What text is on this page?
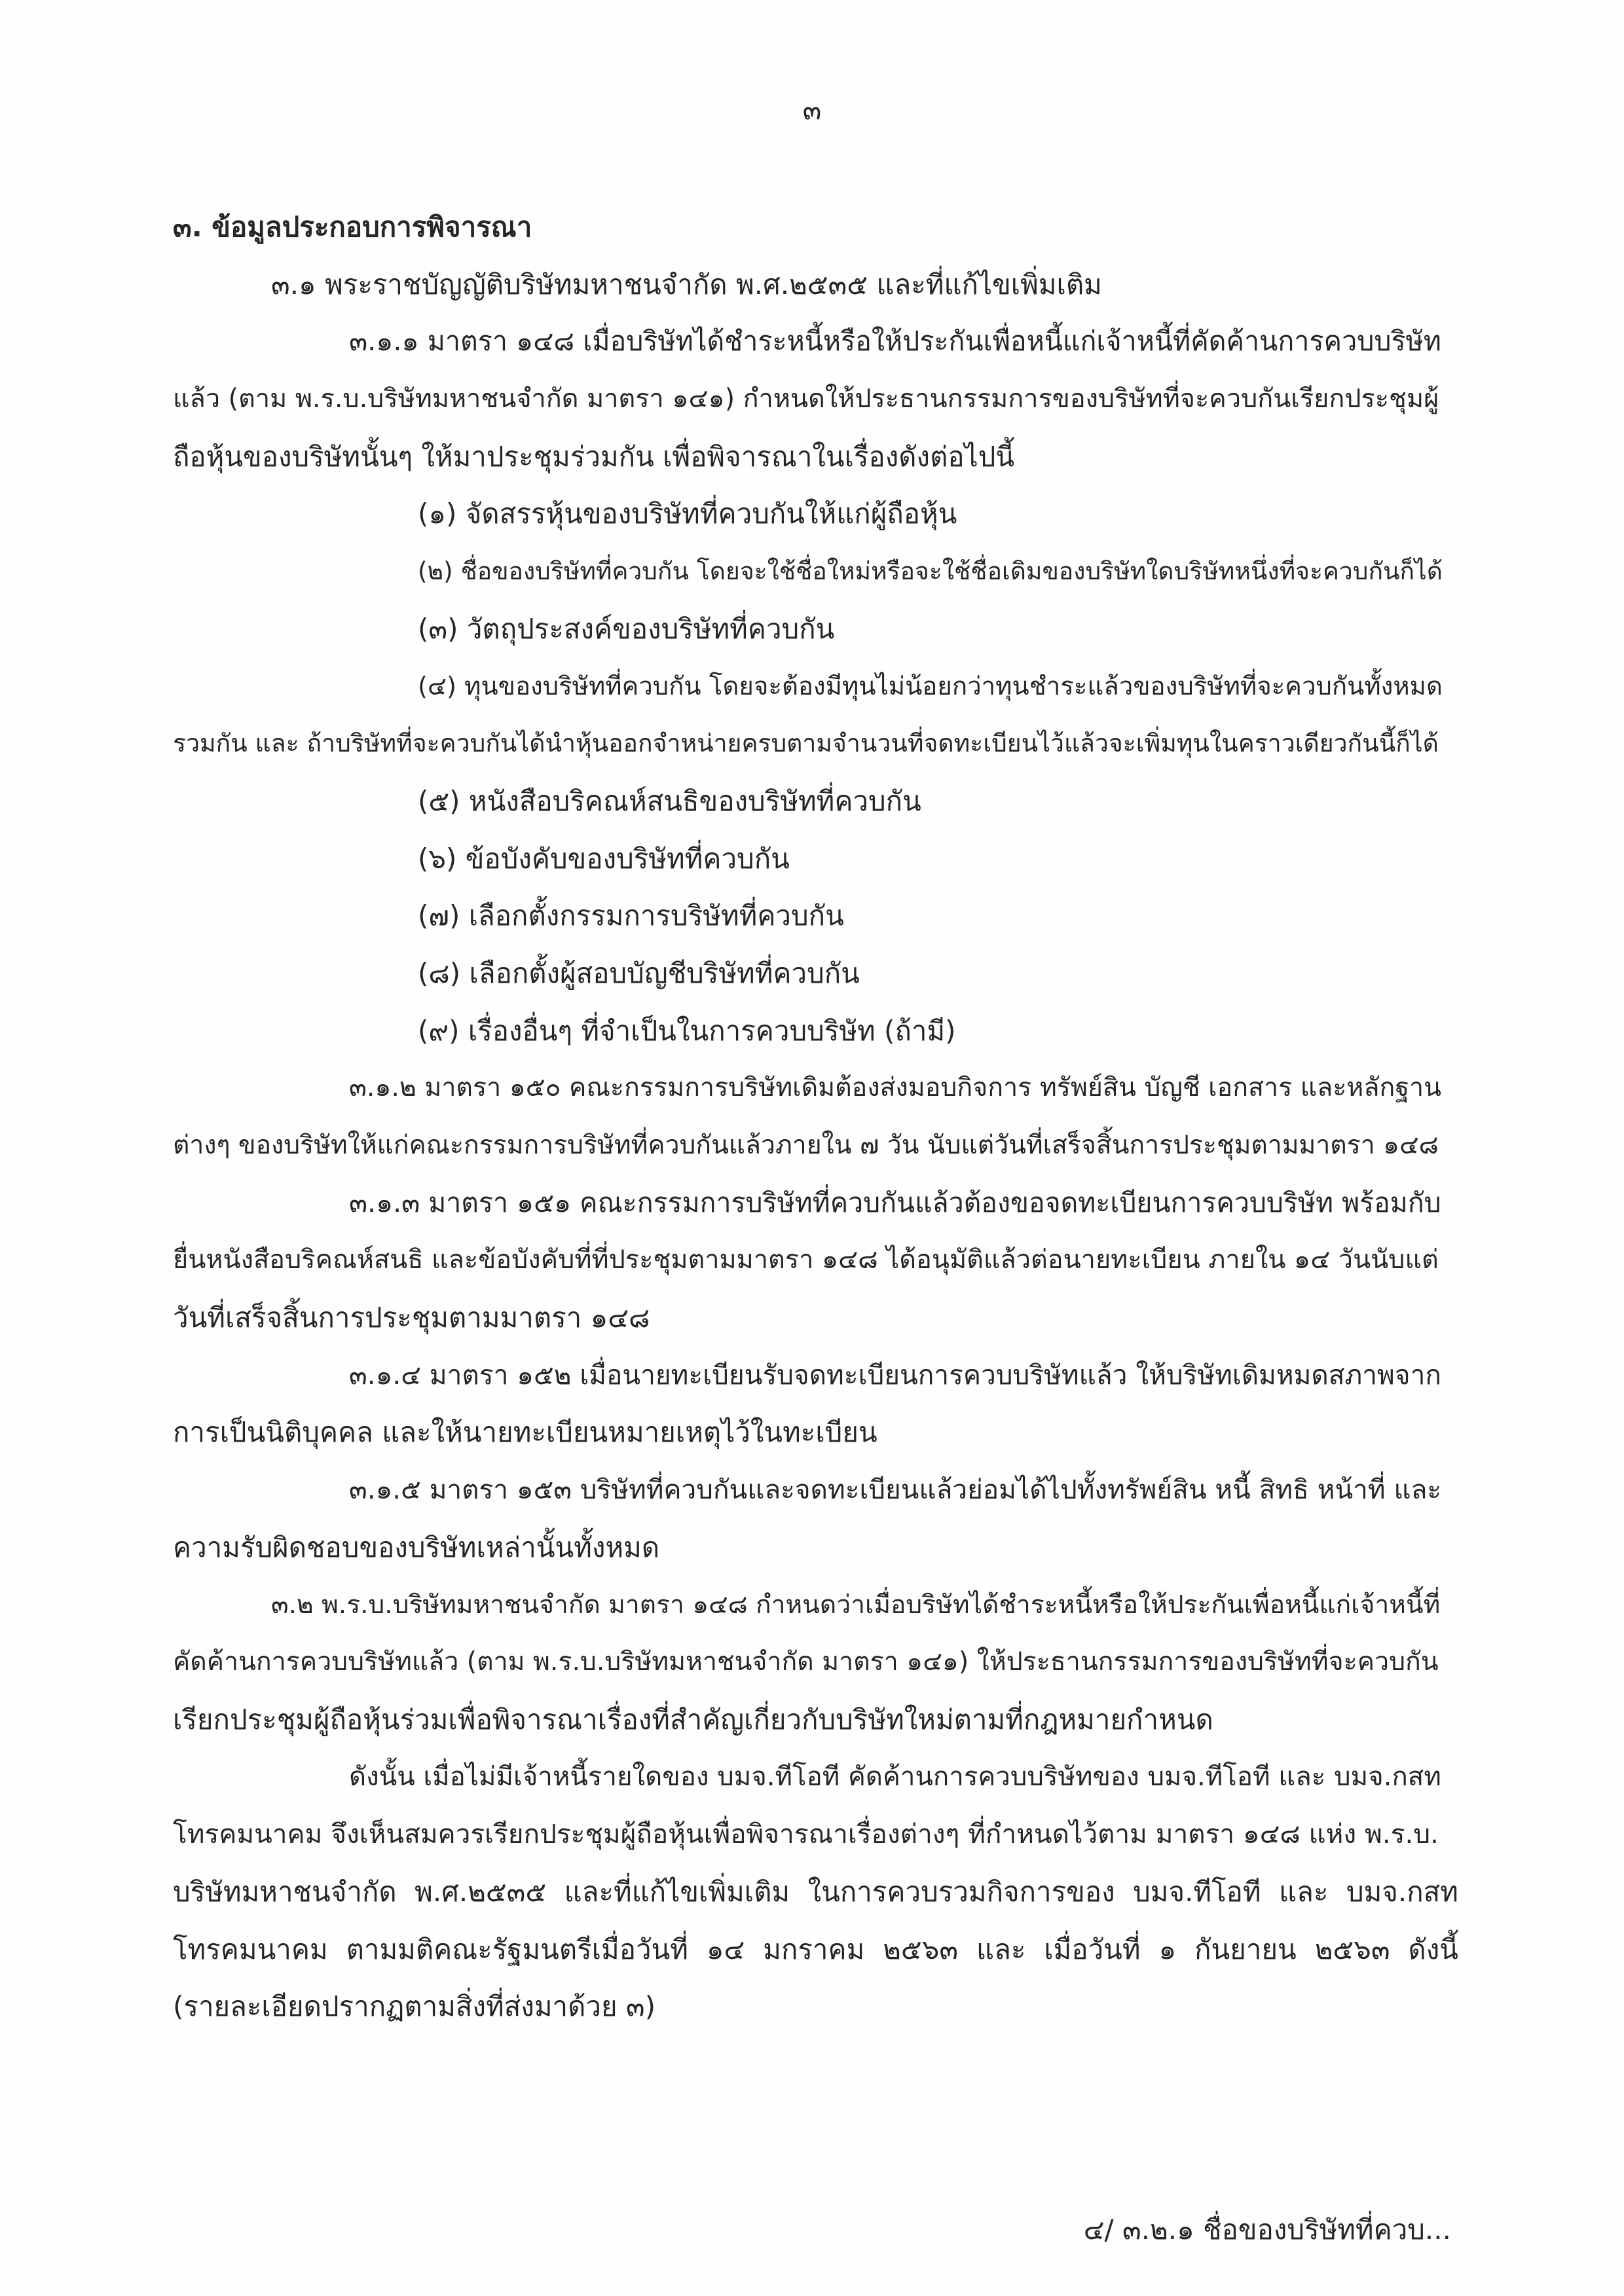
๓
๓. ข้อมูลประกอบการพิจารณา
๓.๑ พระราชบัญญัติบริษัทมหาชนจำกัด พ.ศ.๒๕๓๕ และที่แก้ไขเพิ่มเติม
๓.๑.๑ มาตรา ๑๔๘ เมื่อบริษัทได้ชำระหนี้หรือให้ประกันเพื่อหนี้แก่เจ้าหนี้ที่คัดค้านการควบบริษัท
แล้ว (ตาม พ.ร.บ.บริษัทมหาชนจำกัด มาตรา ๑๔๑) กำหนดให้ประธานกรรมการของบริษัทที่จะควบกันเรียกประชุมผู้
ถือหุ้นของบริษัทนั้นๆ ให้มาประชุมร่วมกัน เพื่อพิจารณาในเรื่องดังต่อไปนี้
(๑) จัดสรรหุ้นของบริษัทที่ควบกันให้แก่ผู้ถือหุ้น
(๒) ชื่อของบริษัทที่ควบกัน โดยจะใช้ชื่อใหม่หรือจะใช้ชื่อเดิมของบริษัทใดบริษัทหนึ่งที่จะควบกันก็ได้
(๓) วัตถุประสงค์ของบริษัทที่ควบกัน
(๔) ทุนของบริษัทที่ควบกัน โดยจะต้องมีทุนไม่น้อยกว่าทุนชำระแล้วของบริษัทที่จะควบกันทั้งหมด
รวมกัน และ ถ้าบริษัทที่จะควบกันได้นำหุ้นออกจำหน่ายครบตามจำนวนที่จดทะเบียนไว้แล้วจะเพิ่มทุนในคราวเดียวกันนี้ก็ได้
(๕) หนังสือบริคณห์สนธิของบริษัทที่ควบกัน
(๖) ข้อบังคับของบริษัทที่ควบกัน
(๗) เลือกตั้งกรรมการบริษัทที่ควบกัน
(๘) เลือกตั้งผู้สอบบัญชีบริษัทที่ควบกัน
(๙) เรื่องอื่นๆ ที่จำเป็นในการควบบริษัท (ถ้ามี)
๓.๑.๒ มาตรา ๑๕๐ คณะกรรมการบริษัทเดิมต้องส่งมอบกิจการ ทรัพย์สิน บัญชี เอกสาร และหลักฐาน
ต่างๆ ของบริษัทให้แก่คณะกรรมการบริษัทที่ควบกันแล้วภายใน ๗ วัน นับแต่วันที่เสร็จสิ้นการประชุมตามมาตรา ๑๔๘
๓.๑.๓ มาตรา ๑๕๑ คณะกรรมการบริษัทที่ควบกันแล้วต้องขอจดทะเบียนการควบบริษัท พร้อมกับ
ยื่นหนังสือบริคณห์สนธิ และข้อบังคับที่ที่ประชุมตามมาตรา ๑๔๘ ได้อนุมัติแล้วต่อนายทะเบียน ภายใน ๑๔ วันนับแต่
วันที่เสร็จสิ้นการประชุมตามมาตรา ๑๔๘
๓.๑.๔ มาตรา ๑๕๒ เมื่อนายทะเบียนรับจดทะเบียนการควบบริษัทแล้ว ให้บริษัทเดิมหมดสภาพจาก
การเป็นนิติบุคคล และให้นายทะเบียนหมายเหตุไว้ในทะเบียน
๓.๑.๕ มาตรา ๑๕๓ บริษัทที่ควบกันและจดทะเบียนแล้วย่อมได้ไปทั้งทรัพย์สิน หนี้ สิทธิ หน้าที่ และ
ความรับผิดชอบของบริษัทเหล่านั้นทั้งหมด
๓.๒ พ.ร.บ.บริษัทมหาชนจำกัด มาตรา ๑๔๘ กำหนดว่าเมื่อบริษัทได้ชำระหนี้หรือให้ประกันเพื่อหนี้แก่เจ้าหนี้ที่
คัดค้านการควบบริษัทแล้ว (ตาม พ.ร.บ.บริษัทมหาชนจำกัด มาตรา ๑๔๑) ให้ประธานกรรมการของบริษัทที่จะควบกัน
เรียกประชุมผู้ถือหุ้นร่วมเพื่อพิจารณาเรื่องที่สำคัญเกี่ยวกับบริษัทใหม่ตามที่กฎหมายกำหนด
ดังนั้น เมื่อไม่มีเจ้าหนี้รายใดของ บมจ.ทีโอที คัดค้านการควบบริษัทของ บมจ.ทีโอที และ บมจ.กสท
โทรคมนาคม จึงเห็นสมควรเรียกประชุมผู้ถือหุ้นเพื่อพิจารณาเรื่องต่างๆ ที่กำหนดไว้ตาม มาตรา ๑๔๘ แห่ง พ.ร.บ.
บริษัทมหาชนจำกัด พ.ศ.๒๕๓๕ และที่แก้ไขเพิ่มเติม ในการควบรวมกิจการของ บมจ.ทีโอที และ บมจ.กสท
โทรคมนาคม ตามมติคณะรัฐมนตรีเมื่อวันที่ ๑๔ มกราคม ๒๕๖๓ และ เมื่อวันที่ ๑ กันยายน ๒๕๖๓ ดังนี้
(รายละเอียดปรากฏตามสิ่งที่ส่งมาด้วย ๓)
๔/ ๓.๒.๑ ชื่อของบริษัทที่ควบ...
